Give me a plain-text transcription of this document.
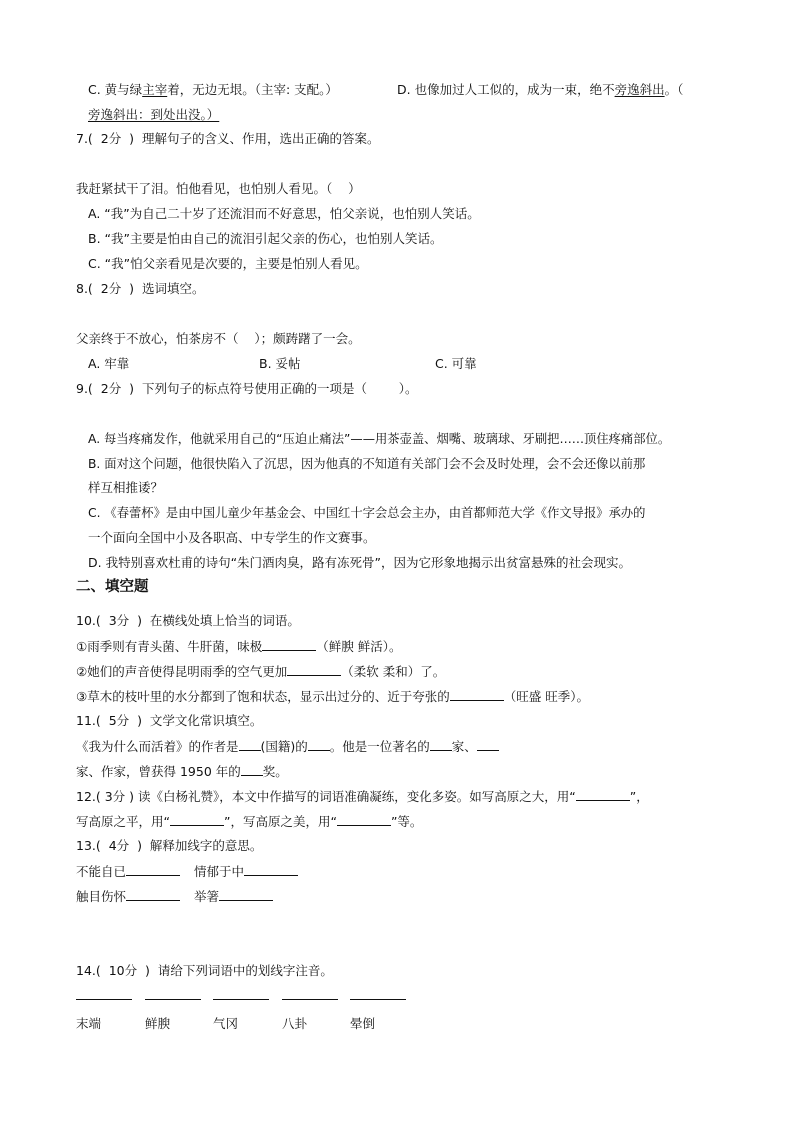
C. 黄与绿主宰着，无边无垠。（主宰: 支配。）	D. 也像加过人工似的，成为一束，绝不旁逸斜出。（
旁逸斜出：到处出没。）
7.(  2分  )  理解句子的含义、作用，选出正确的答案。
我赶紧拭干了泪。怕他看见，也怕别人看见。（    ）
A. “我”为自己二十岁了还流泪而不好意思，怕父亲说，也怕别人笑话。
B. “我”主要是怕由自己的流泪引起父亲的伤心，也怕别人笑话。
C. “我”怕父亲看见是次要的，主要是怕别人看见。
8.(  2分  )  选词填空。
父亲终于不放心，怕茶房不（    ）；颇踌躇了一会。
A. 牢靠	B. 妥帖	C. 可靠
9.(  2分  )  下列句子的标点符号使用正确的一项是（        ）。
A. 每当疼痛发作，他就采用自己的“压迫止痛法”——用茶壶盖、烟嘴、玻璃球、牙刷把……顶住疼痛部位。
B. 面对这个问题，他很快陷入了沉思，因为他真的不知道有关部门会不会及时处理，会不会还像以前那
样互相推诿？
C. 《春蕾杯》是由中国儿童少年基金会、中国红十字会总会主办，由首都师范大学《作文导报》承办的
一个面向全国中小及各职高、中专学生的作文赛事。
D. 我特别喜欢杜甫的诗句“朱门酒肉臭，路有冻死骨”，因为它形象地揭示出贫富悬殊的社会现实。
二、填空题
10.(  3分  )  在横线处填上恰当的词语。
①雨季则有青头菌、牛肝菌，味极	（鲜腴 鲜活）。
②她们的声音使得昆明雨季的空气更加	（柔软 柔和）了。
③草木的枝叶里的水分都到了饱和状态，显示出过分的、近于夸张的	（旺盛 旺季）。
11.(  5分  )  文学文化常识填空。
《我为什么而活着》的作者是 (国籍)的 。他是一位著名的 家、
家、作家，曾获得 1950 年的 奖。
12.( 3分 ) 读《白杨礼赞》，本文中作描写的词语准确凝练，变化多姿。如写高原之大，用“	”，
写高原之平，用“	”，写高原之美，用“	”等。
13.(  4分  )  解释加线字的意思。
不能自已	情郁于中
触目伤怀	举箸
14.(  10分  )  请给下列词语中的划线字注音。
末端	鲜腴	气冈	八卦	晕倒
